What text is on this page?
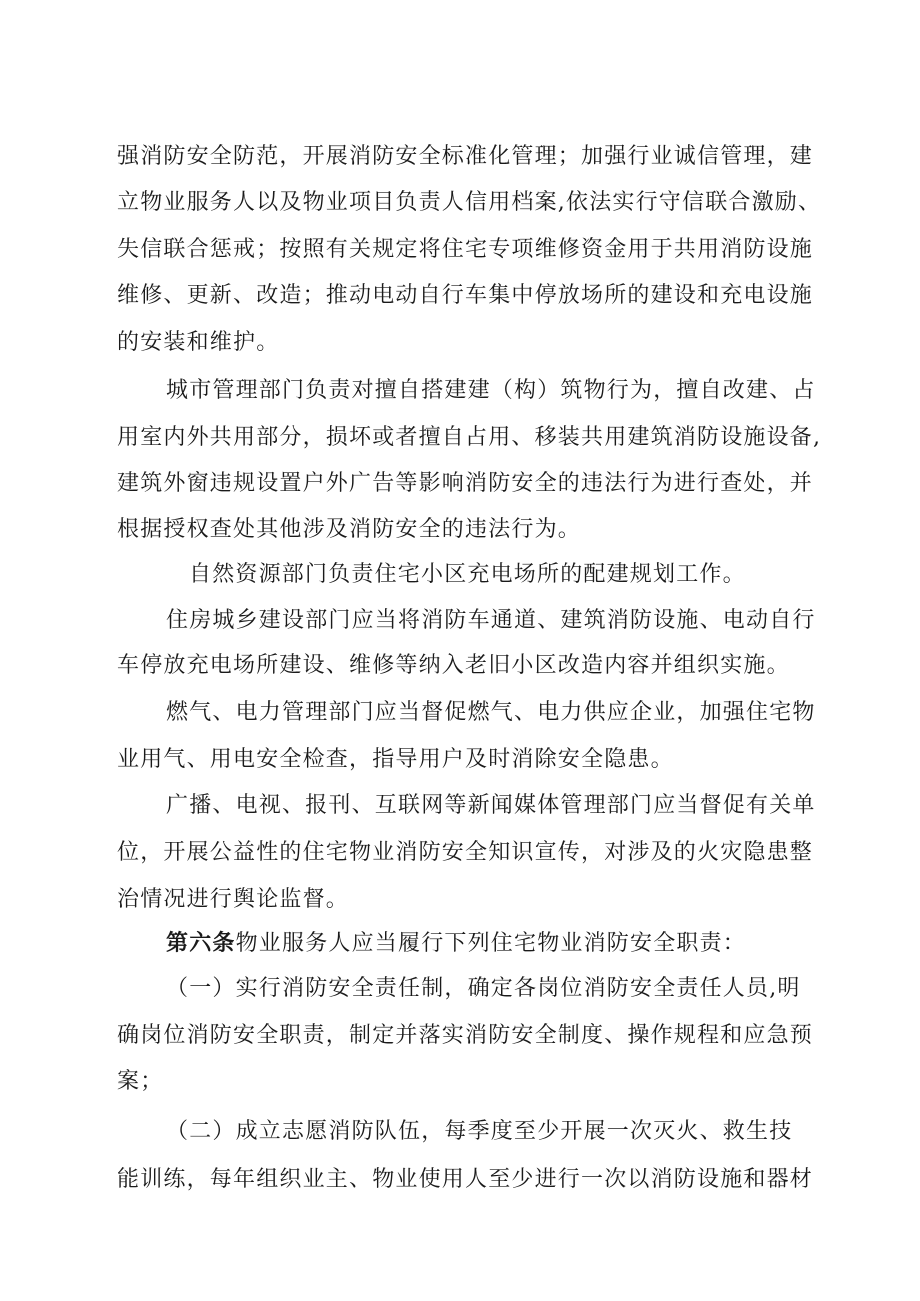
强消防安全防范，开展消防安全标准化管理；加强行业诚信管理，建
立物业服务人以及物业项目负责人信用档案,依法实行守信联合激励、
失信联合惩戒；按照有关规定将住宅专项维修资金用于共用消防设施
维修、更新、改造；推动电动自行车集中停放场所的建设和充电设施
的安装和维护。
城市管理部门负责对擅自搭建建（构）筑物行为，擅自改建、占
用室内外共用部分，损坏或者擅自占用、移装共用建筑消防设施设备,
建筑外窗违规设置户外广告等影响消防安全的违法行为进行查处，并
根据授权查处其他涉及消防安全的违法行为。
自然资源部门负责住宅小区充电场所的配建规划工作。
住房城乡建设部门应当将消防车通道、建筑消防设施、电动自行
车停放充电场所建设、维修等纳入老旧小区改造内容并组织实施。
燃气、电力管理部门应当督促燃气、电力供应企业，加强住宅物
业用气、用电安全检查，指导用户及时消除安全隐患。
广播、电视、报刊、互联网等新闻媒体管理部门应当督促有关单
位，开展公益性的住宅物业消防安全知识宣传，对涉及的火灾隐患整
治情况进行舆论监督。
第六条物业服务人应当履行下列住宅物业消防安全职责：
（一）实行消防安全责任制，确定各岗位消防安全责任人员,明
确岗位消防安全职责，制定并落实消防安全制度、操作规程和应急预
案；
（二）成立志愿消防队伍，每季度至少开展一次灭火、救生技
能训练，每年组织业主、物业使用人至少进行一次以消防设施和器材
